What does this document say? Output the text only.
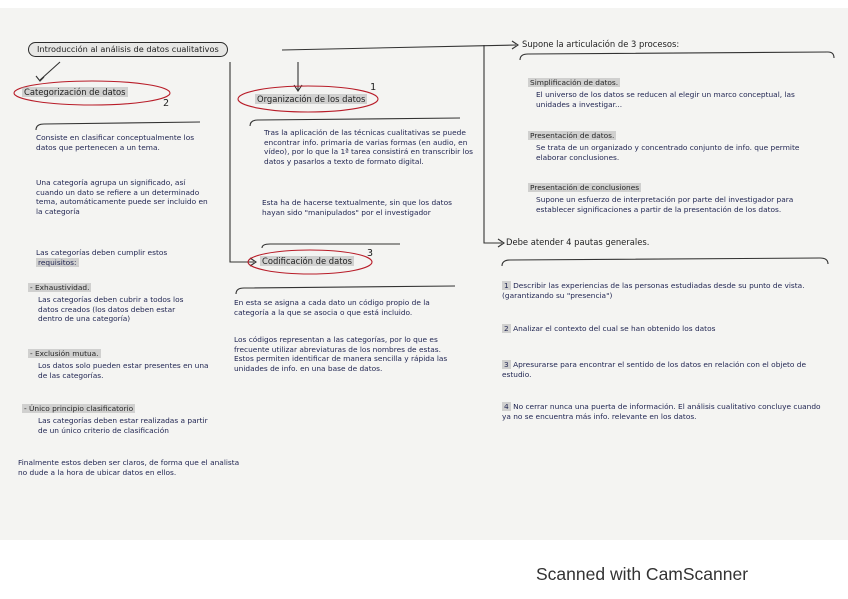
Introducción al análisis de datos cualitativos
Categorización de datos
2
Consiste en clasificar conceptualmente los datos que pertenecen a un tema.
Una categoría agrupa un significado, así cuando un dato se refiere a un determinado tema, automáticamente puede ser incluido en la categoría
Las categorías deben cumplir estos requisitos:
- Exhaustividad.
Las categorías deben cubrir a todos los datos creados (los datos deben estar dentro de una categoría)
- Exclusión mutua.
Los datos solo pueden estar presentes en una de las categorías.
- Único principio clasificatorio
Las categorías deben estar realizadas a partir de un único criterio de clasificación
Finalmente estos deben ser claros, de forma que el analista no dude a la hora de ubicar datos en ellos.
Organización de los datos
1
Tras la aplicación de las técnicas cualitativas se puede encontrar info. primaria de varias formas (en audio, en vídeo), por lo que la 1ª tarea consistirá en transcribir los datos y pasarlos a texto de formato digital.
Esta ha de hacerse textualmente, sin que los datos hayan sido "manipulados" por el investigador
Codificación de datos
3
En esta se asigna a cada dato un código propio de la categoría a la que se asocia o que está incluido.
Los códigos representan a las categorías, por lo que es frecuente utilizar abreviaturas de los nombres de estas. Estos permiten identificar de manera sencilla y rápida las unidades de info. en una base de datos.
Supone la articulación de 3 procesos:
Simplificación de datos.
El universo de los datos se reducen al elegir un marco conceptual, las unidades a investigar...
Presentación de datos.
Se trata de un organizado y concentrado conjunto de info. que permite elaborar conclusiones.
Presentación de conclusiones
Supone un esfuerzo de interpretación por parte del investigador para establecer significaciones a partir de la presentación de los datos.
Debe atender 4 pautas generales.
1 Describir las experiencias de las personas estudiadas desde su punto de vista. (garantizando su "presencia")
2 Analizar el contexto del cual se han obtenido los datos
3 Apresurarse para encontrar el sentido de los datos en relación con el objeto de estudio.
4 No cerrar nunca una puerta de información. El análisis cualitativo concluye cuando ya no se encuentra más info. relevante en los datos.
Scanned with CamScanner
